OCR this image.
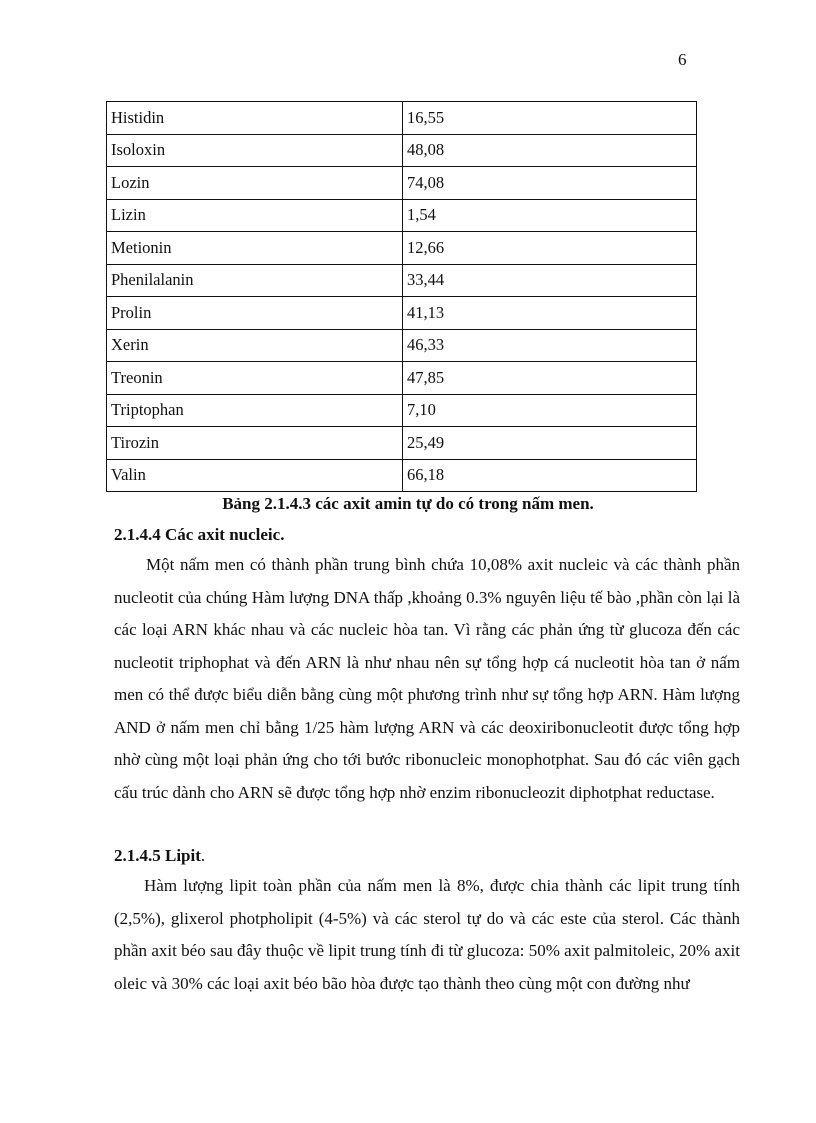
6
Histidin	16,55
Isoloxin	48,08
Lozin	74,08
Lizin	1,54
Metionin	12,66
Phenilalanin	33,44
Prolin	41,13
Xerin	46,33
Treonin	47,85
Triptophan	7,10
Tirozin	25,49
Valin	66,18
Bảng 2.1.4.3 các axit amin tự do có trong nấm men.
2.1.4.4 Các axit nucleic.

Một nấm men có thành phần trung bình chứa 10,08% axit nucleic và các thành phần nucleotit của chúng Hàm lượng DNA thấp ,khoảng 0.3% nguyên liệu tế bào ,phần còn lại là các loại ARN khác nhau và các nucleic hòa tan. Vì rằng các phản ứng từ glucoza đến các nucleotit triphophat và đến ARN là như nhau nên sự tổng hợp cá nucleotit hòa tan ở nấm men có thể được biểu diễn bằng cùng một phương trình như sự tổng hợp ARN. Hàm lượng AND ở nấm men chỉ bằng 1/25 hàm lượng ARN và các deoxiribonucleotit được tổng hợp nhờ cùng một loại phản ứng cho tới bước ribonucleic monophotphat. Sau đó các viên gạch cấu trúc dành cho ARN sẽ được tổng hợp nhờ enzim ribonucleozit diphotphat reductase.

2.1.4.5 Lipit.

Hàm lượng lipit toàn phần của nấm men là 8%, được chia thành các lipit trung tính (2,5%), glixerol photpholipit (4-5%) và các sterol tự do và các este của sterol. Các thành phần axit béo sau đây thuộc về lipit trung tính đi từ glucoza: 50% axit palmitoleic, 20% axit oleic và 30% các loại axit béo bão hòa được tạo thành theo cùng một con đường như
